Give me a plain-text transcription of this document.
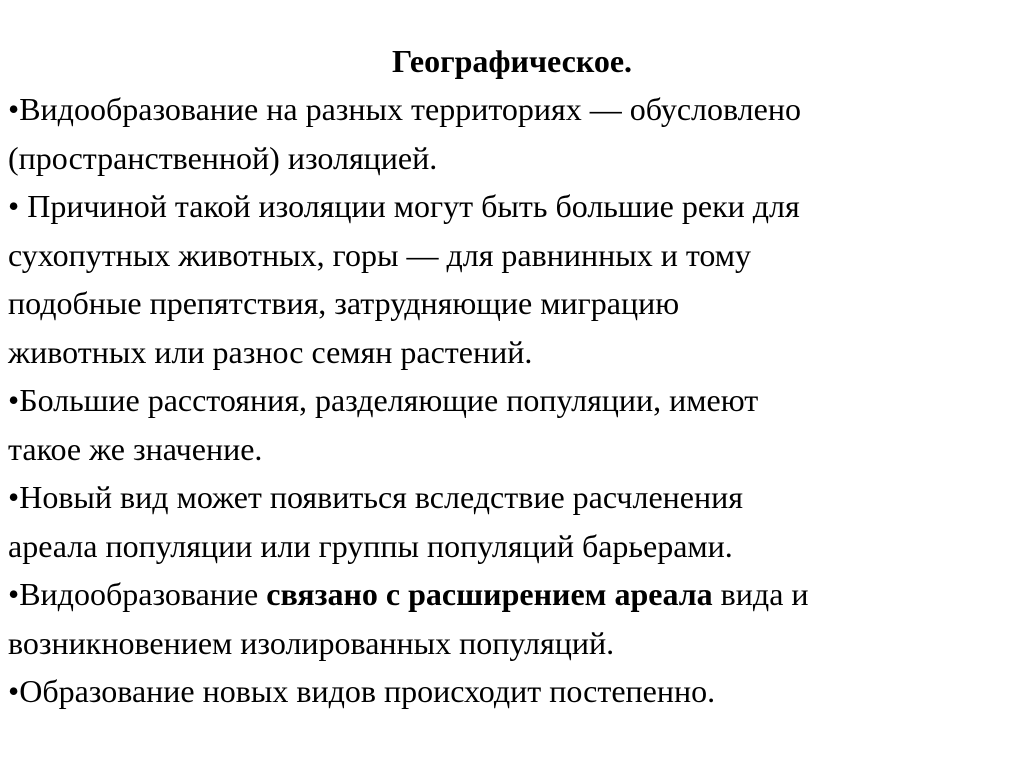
Географическое.
•Видообразование на разных территориях — обусловлено
(пространственной) изоляцией.
• Причиной такой изоляции могут быть большие реки для
сухопутных животных, горы — для равнинных и тому
подобные препятствия, затрудняющие миграцию
животных или разнос семян растений.
•Большие расстояния, разделяющие популяции, имеют
такое же значение.
•Новый вид может появиться вследствие расчленения
ареала популяции или группы популяций барьерами.
•Видообразование связано с расширением ареала вида и
возникновением изолированных популяций.
•Образование новых видов происходит постепенно.
